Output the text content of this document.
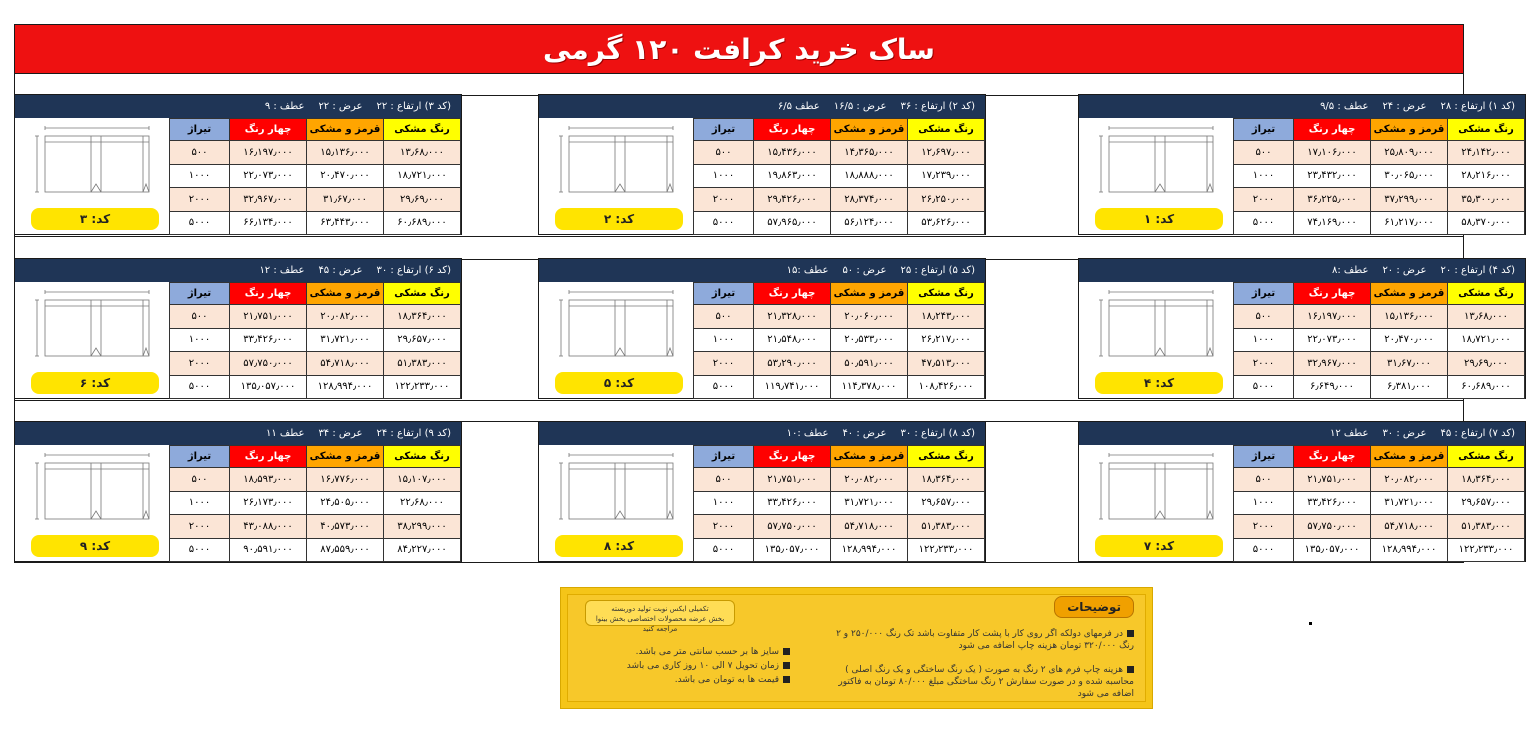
ساک خرید کرافت ۱۲۰ گرمی
(کد ۱) ارتفاع : ۲۸
عرض : ۲۴
عطف : ۹/۵
کد: ۱
رنگ مشکی	قرمز و مشکی	چهار رنگ	تیراژ
۲۴٫۱۴۲٫۰۰۰	۲۵٫۸۰۹٫۰۰۰	۱۷٫۱۰۶٫۰۰۰	۵۰۰
۲۸٫۲۱۶٫۰۰۰	۳۰٫۰۶۵٫۰۰۰	۲۳٫۴۳۲٫۰۰۰	۱۰۰۰
۳۵٫۳۰۰٫۰۰۰	۳۷٫۲۹۹٫۰۰۰	۳۶٫۲۲۵٫۰۰۰	۲۰۰۰
۵۸٫۳۷۰٫۰۰۰	۶۱٫۲۱۷٫۰۰۰	۷۴٫۱۶۹٫۰۰۰	۵۰۰۰
(کد ۲) ارتفاع : ۳۶
عرض : ۱۶/۵
عطف ۶/۵
کد: ۲
رنگ مشکی	قرمز و مشکی	چهار رنگ	تیراژ
۱۲٫۶۹۷٫۰۰۰	۱۴٫۳۶۵٫۰۰۰	۱۵٫۴۳۶٫۰۰۰	۵۰۰
۱۷٫۲۳۹٫۰۰۰	۱۸٫۸۸۸٫۰۰۰	۱۹٫۸۶۳٫۰۰۰	۱۰۰۰
۲۶٫۲۵۰٫۰۰۰	۲۸٫۳۷۴٫۰۰۰	۲۹٫۴۲۶٫۰۰۰	۲۰۰۰
۵۳٫۶۲۶٫۰۰۰	۵۶٫۱۲۴٫۰۰۰	۵۷٫۹۶۵٫۰۰۰	۵۰۰۰
(کد ۳) ارتفاع : ۲۲
عرض : ۲۲
عطف : ۹
کد: ۳
رنگ مشکی	قرمز و مشکی	چهار رنگ	تیراژ
۱۳٫۶۸٫۰۰۰	۱۵٫۱۳۶٫۰۰۰	۱۶٫۱۹۷٫۰۰۰	۵۰۰
۱۸٫۷۲۱٫۰۰۰	۲۰٫۴۷۰٫۰۰۰	۲۲٫۰۷۳٫۰۰۰	۱۰۰۰
۲۹٫۶۹٫۰۰۰	۳۱٫۶۷٫۰۰۰	۳۲٫۹۶۷٫۰۰۰	۲۰۰۰
۶۰٫۶۸۹٫۰۰۰	۶۳٫۴۴۳٫۰۰۰	۶۶٫۱۳۴٫۰۰۰	۵۰۰۰
(کد ۴) ارتفاع : ۲۰
عرض : ۲۰
عطف :۸
کد: ۴
رنگ مشکی	قرمز و مشکی	چهار رنگ	تیراژ
۱۳٫۶۸٫۰۰۰	۱۵٫۱۳۶٫۰۰۰	۱۶٫۱۹۷٫۰۰۰	۵۰۰
۱۸٫۷۲۱٫۰۰۰	۲۰٫۴۷۰٫۰۰۰	۲۲٫۰۷۳٫۰۰۰	۱۰۰۰
۲۹٫۶۹٫۰۰۰	۳۱٫۶۷٫۰۰۰	۳۲٫۹۶۷٫۰۰۰	۲۰۰۰
۶۰٫۶۸۹٫۰۰۰	۶٫۳۸۱٫۰۰۰	۶٫۶۴۹٫۰۰۰	۵۰۰۰
(کد ۵) ارتفاع : ۲۵
عرض : ۵۰
عطف :۱۵
کد: ۵
رنگ مشکی	قرمز و مشکی	چهار رنگ	تیراژ
۱۸٫۲۴۳٫۰۰۰	۲۰٫۰۶۰٫۰۰۰	۲۱٫۳۲۸٫۰۰۰	۵۰۰
۲۶٫۲۱۷٫۰۰۰	۲۰٫۵۳۳٫۰۰۰	۲۱٫۵۴۸٫۰۰۰	۱۰۰۰
۴۷٫۵۱۳٫۰۰۰	۵۰٫۵۹۱٫۰۰۰	۵۳٫۲۹۰٫۰۰۰	۲۰۰۰
۱۰۸٫۴۲۶٫۰۰۰	۱۱۴٫۳۷۸٫۰۰۰	۱۱۹٫۷۴۱٫۰۰۰	۵۰۰۰
(کد ۶) ارتفاع : ۳۰
عرض : ۴۵
عطف : ۱۲
کد: ۶
رنگ مشکی	قرمز و مشکی	چهار رنگ	تیراژ
۱۸٫۳۶۴٫۰۰۰	۲۰٫۰۸۲٫۰۰۰	۲۱٫۷۵۱٫۰۰۰	۵۰۰
۲۹٫۶۵۷٫۰۰۰	۳۱٫۷۲۱٫۰۰۰	۳۳٫۴۲۶٫۰۰۰	۱۰۰۰
۵۱٫۳۸۳٫۰۰۰	۵۴٫۷۱۸٫۰۰۰	۵۷٫۷۵۰٫۰۰۰	۲۰۰۰
۱۲۲٫۲۳۳٫۰۰۰	۱۲۸٫۹۹۴٫۰۰۰	۱۳۵٫۰۵۷٫۰۰۰	۵۰۰۰
(کد ۷) ارتفاع : ۴۵
عرض : ۳۰
عطف ۱۲
کد: ۷
رنگ مشکی	قرمز و مشکی	چهار رنگ	تیراژ
۱۸٫۳۶۴٫۰۰۰	۲۰٫۰۸۲٫۰۰۰	۲۱٫۷۵۱٫۰۰۰	۵۰۰
۲۹٫۶۵۷٫۰۰۰	۳۱٫۷۲۱٫۰۰۰	۳۳٫۴۲۶٫۰۰۰	۱۰۰۰
۵۱٫۳۸۳٫۰۰۰	۵۴٫۷۱۸٫۰۰۰	۵۷٫۷۵۰٫۰۰۰	۲۰۰۰
۱۲۲٫۲۳۳٫۰۰۰	۱۲۸٫۹۹۴٫۰۰۰	۱۳۵٫۰۵۷٫۰۰۰	۵۰۰۰
(کد ۸) ارتفاع : ۳۰
عرض : ۴۰
عطف :۱۰
کد: ۸
رنگ مشکی	قرمز و مشکی	چهار رنگ	تیراژ
۱۸٫۳۶۴٫۰۰۰	۲۰٫۰۸۲٫۰۰۰	۲۱٫۷۵۱٫۰۰۰	۵۰۰
۲۹٫۶۵۷٫۰۰۰	۳۱٫۷۲۱٫۰۰۰	۳۳٫۴۲۶٫۰۰۰	۱۰۰۰
۵۱٫۳۸۳٫۰۰۰	۵۴٫۷۱۸٫۰۰۰	۵۷٫۷۵۰٫۰۰۰	۲۰۰۰
۱۲۲٫۲۳۳٫۰۰۰	۱۲۸٫۹۹۴٫۰۰۰	۱۳۵٫۰۵۷٫۰۰۰	۵۰۰۰
(کد ۹) ارتفاع : ۲۴
عرض : ۳۴
عطف ۱۱
کد: ۹
رنگ مشکی	قرمز و مشکی	چهار رنگ	تیراژ
۱۵٫۱۰۷٫۰۰۰	۱۶٫۷۷۶٫۰۰۰	۱۸٫۵۹۳٫۰۰۰	۵۰۰
۲۲٫۶۸٫۰۰۰	۲۴٫۵۰۵٫۰۰۰	۲۶٫۱۷۳٫۰۰۰	۱۰۰۰
۳۸٫۲۹۹٫۰۰۰	۴۰٫۵۷۳٫۰۰۰	۴۳٫۰۸۸٫۰۰۰	۲۰۰۰
۸۴٫۲۲۷٫۰۰۰	۸۷٫۵۵۹٫۰۰۰	۹۰٫۵۹۱٫۰۰۰	۵۰۰۰
توضیحات
تکمیلی ایکس نوبت تولید دوربسته
بخش عرضه محصولات اختصاصی بخش بینوا مراجعه کنید	در فرمهای دولکه اگر روی کار با پشت کار متفاوت باشد تک رنگ ۲۵۰/۰۰۰ و ۲ رنگ ۳۲۰/۰۰۰ تومان هزینه چاپ اضافه می شود
هزینه چاپ فرم های ۲ رنگ به صورت ( یک رنگ ساختگی و یک رنگ اصلی ) محاسبه شده و در صورت سفارش ۲ رنگ ساختگی مبلغ ۸۰/۰۰۰ تومان به فاکتور اضافه می شود
سایز ها بر حسب سانتی متر می باشد.
زمان تحویل ۷ الی ۱۰ روز کاری می باشد
قیمت ها به تومان می باشد.
